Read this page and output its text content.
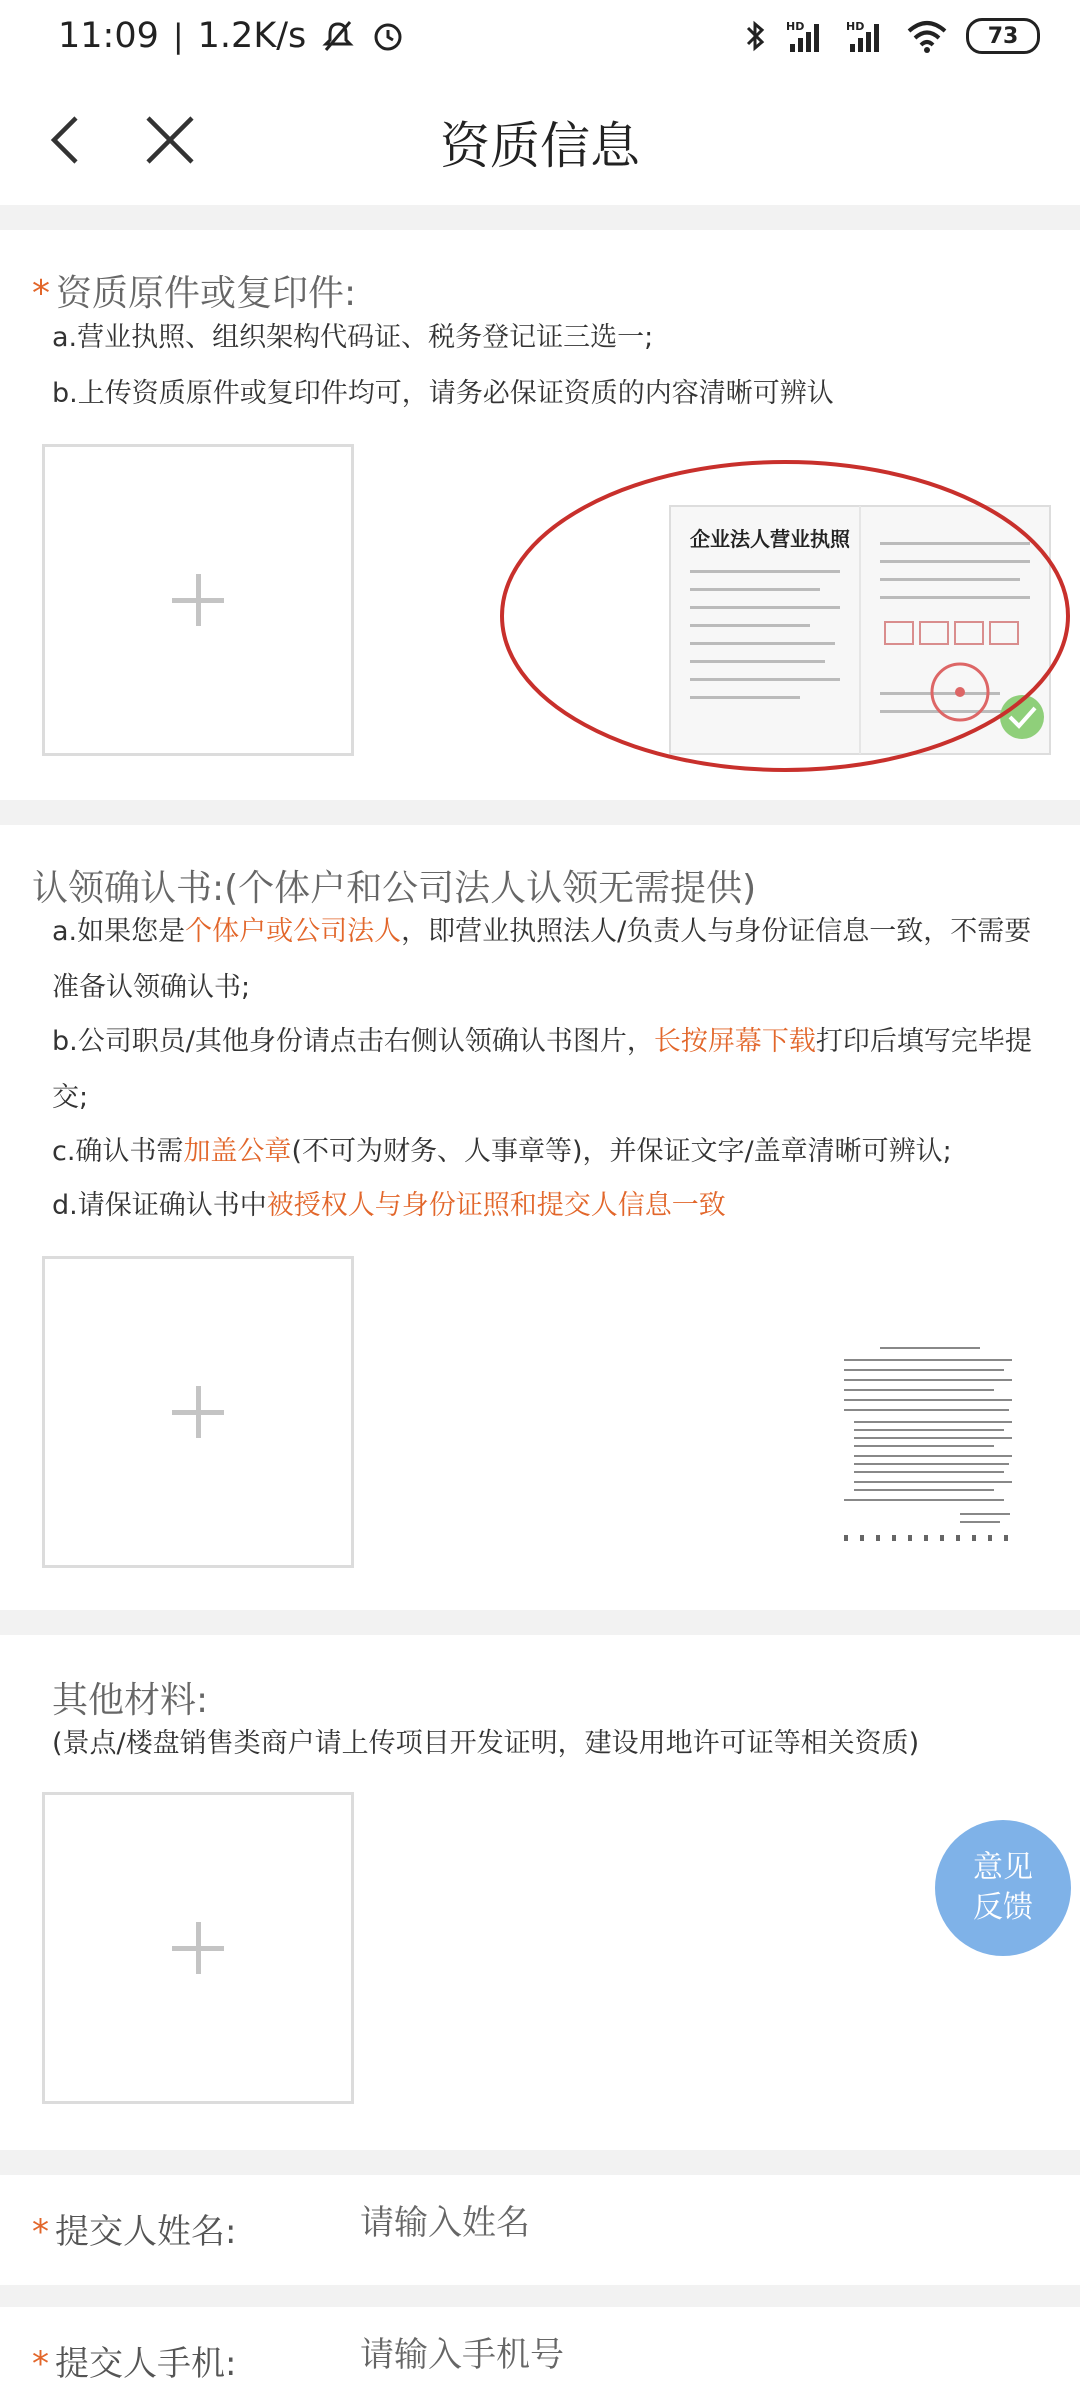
11:09 | 1.2K/s	HD	HD	73
资质信息
* 资质原件或复印件:
a.营业执照、组织架构代码证、税务登记证三选一;
b.上传资质原件或复印件均可，请务必保证资质的内容清晰可辨认
企业法人营业执照
认领确认书:(个体户和公司法人认领无需提供)
a.如果您是个体户或公司法人，即营业执照法人/负责人与身份证信息一致，不需要
准备认领确认书;
b.公司职员/其他身份请点击右侧认领确认书图片，长按屏幕下载打印后填写完毕提
交;
c.确认书需加盖公章(不可为财务、人事章等)，并保证文字/盖章清晰可辨认;
d.请保证确认书中被授权人与身份证照和提交人信息一致
其他材料:
(景点/楼盘销售类商户请上传项目开发证明，建设用地许可证等相关资质)
意见
反馈
* 提交人姓名:
请输入姓名
* 提交人手机:
请输入手机号
